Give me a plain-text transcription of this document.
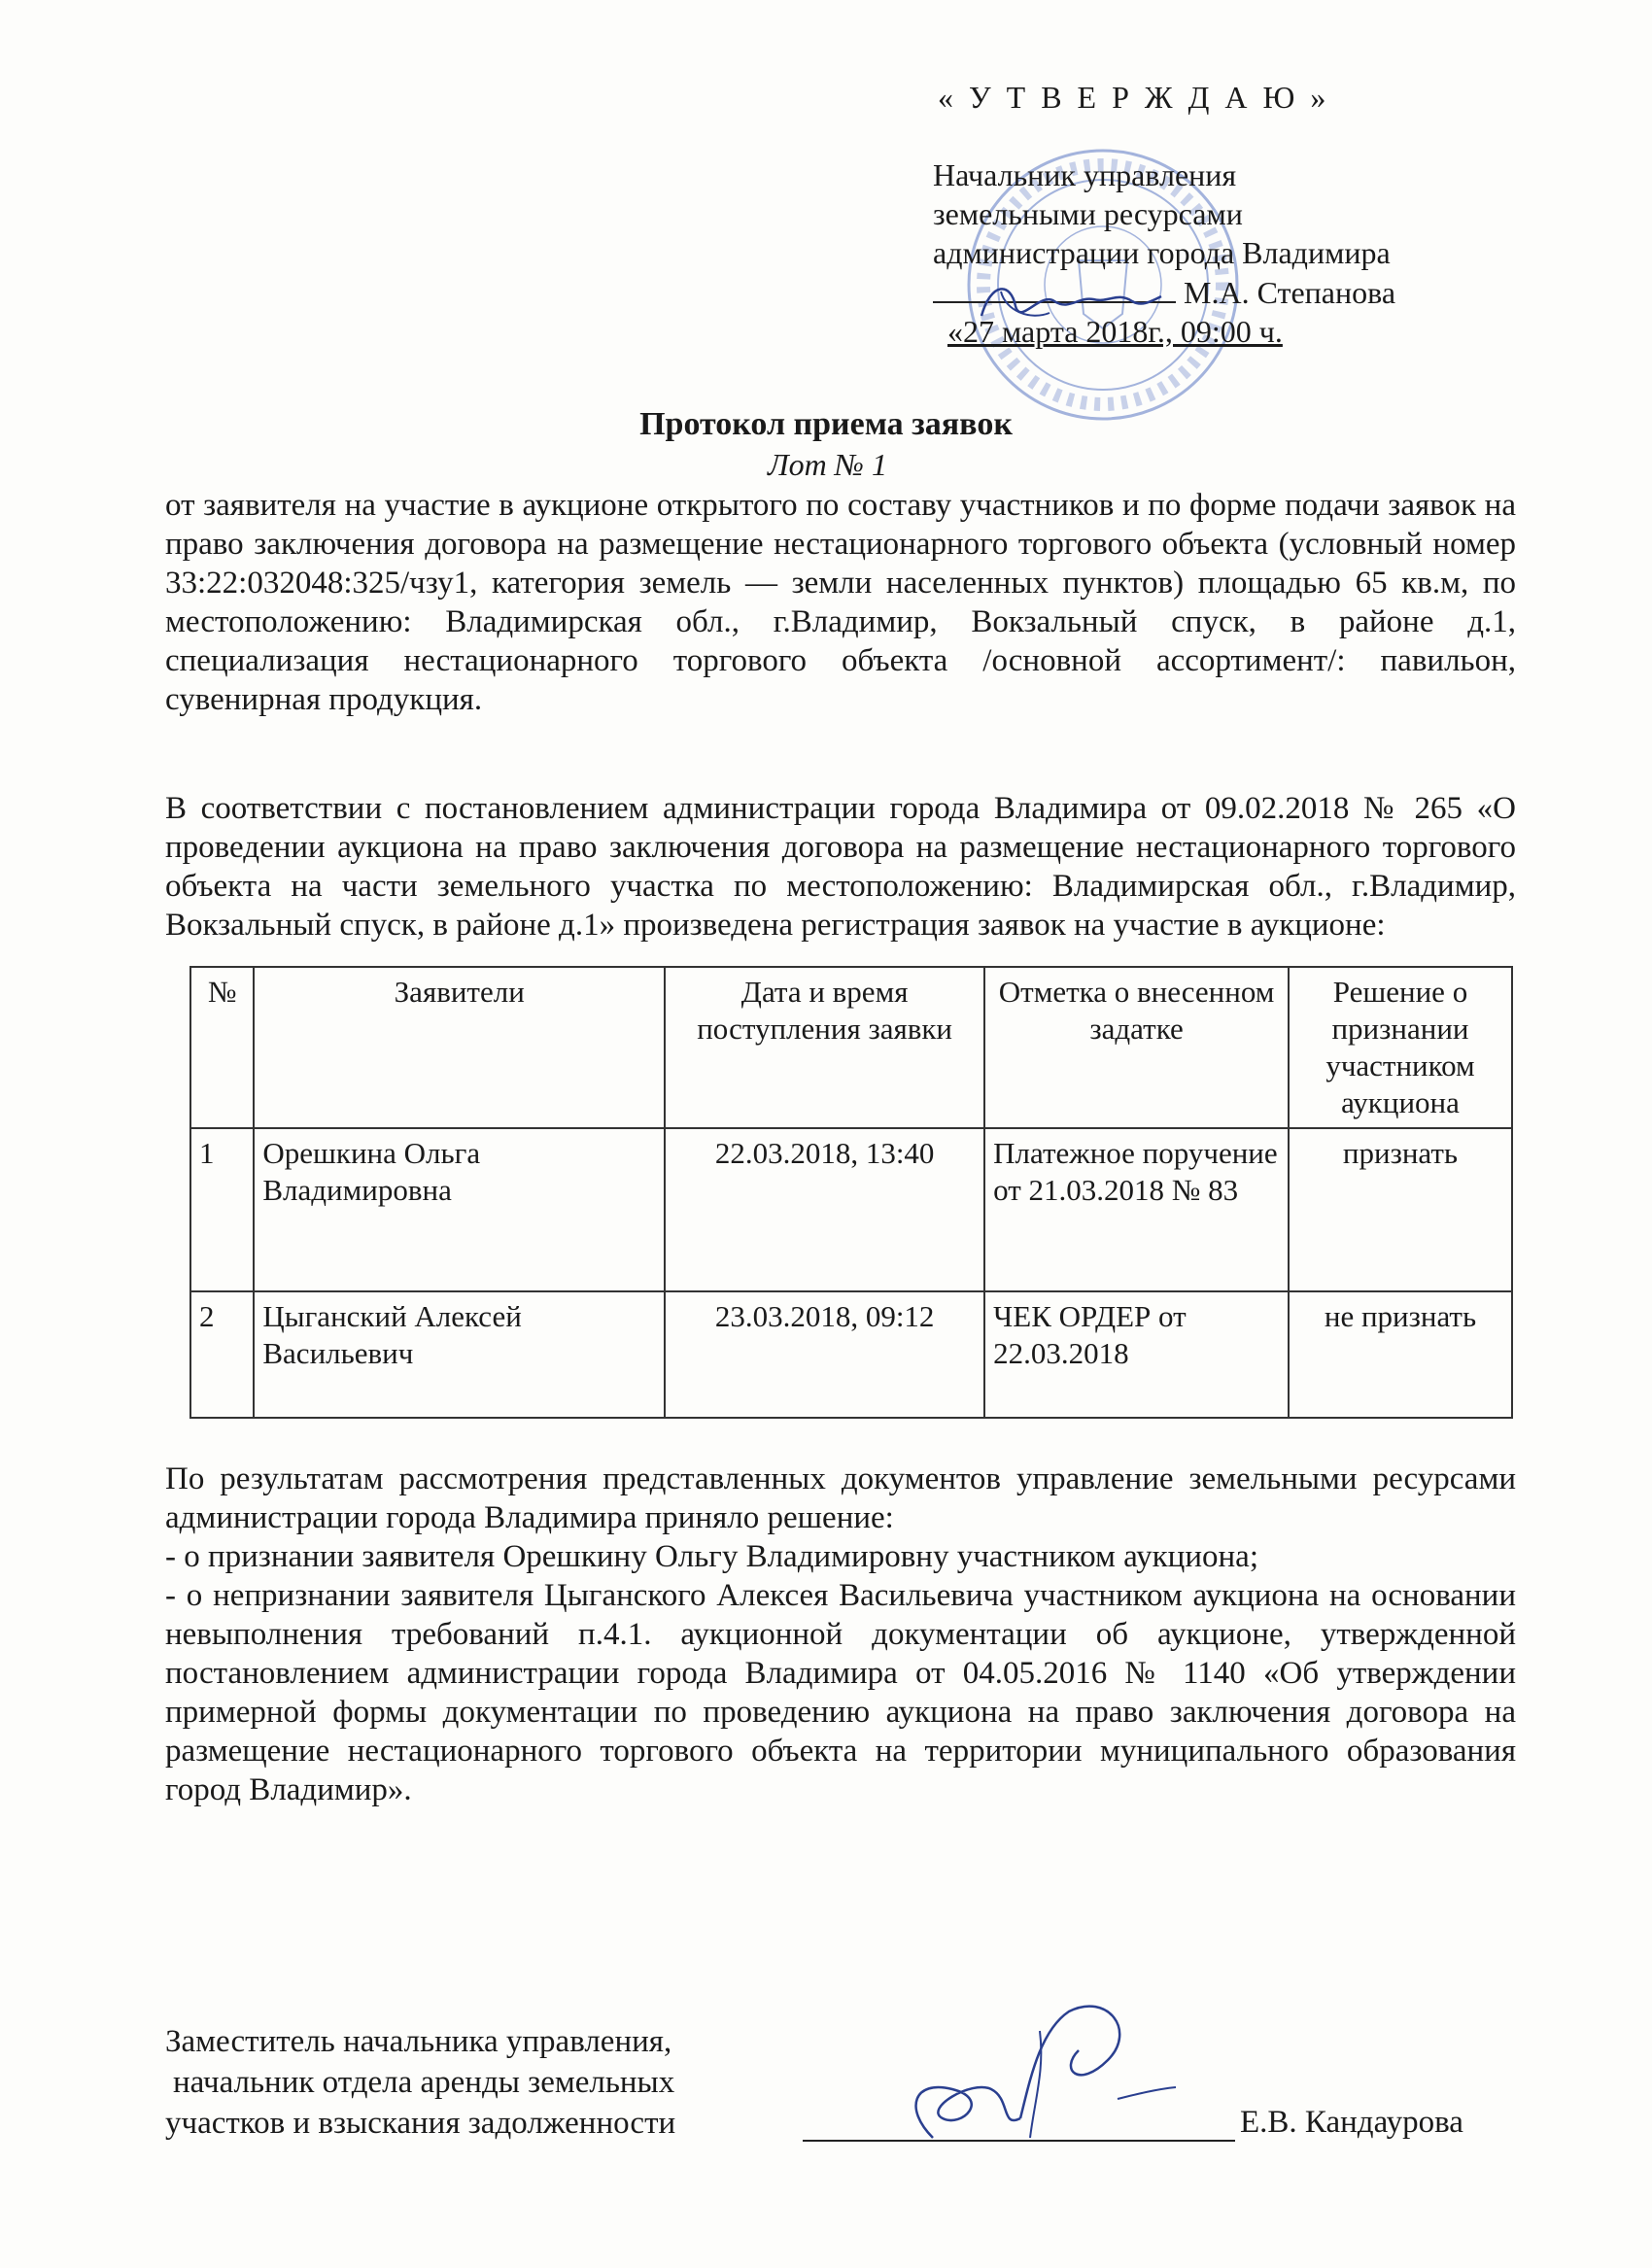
« У Т В Е Р Ж Д А Ю »
Начальник управления
земельными ресурсами
администрации города Владимира
М.А. Степанова
«27 марта 2018г., 09:00 ч.
Протокол приема заявок
Лот № 1

от заявителя на участие в аукционе открытого по составу участников и по форме подачи заявок на право заключения договора на размещение нестационарного торгового объекта (условный номер 33:22:032048:325/чзу1, категория земель — земли населенных пунктов) площадью 65 кв.м, по местоположению: Владимирская обл., г.Владимир, Вокзальный спуск, в районе д.1, специализация нестационарного торгового объекта /основной ассортимент/: павильон, сувенирная продукция.

В соответствии с постановлением администрации города Владимира от 09.02.2018 № 265 «О проведении аукциона на право заключения договора на размещение нестационарного торгового объекта на части земельного участка по местоположению: Владимирская обл., г.Владимир, Вокзальный спуск, в районе д.1» произведена регистрация заявок на участие в аукционе:

№	Заявители	Дата и время поступления заявки	Отметка о внесенном задатке	Решение о признании участником аукциона
1	Орешкина Ольга Владимировна	22.03.2018, 13:40	Платежное поручение от 21.03.2018 № 83	признать
2	Цыганский Алексей Васильевич	23.03.2018, 09:12	ЧЕК ОРДЕР от 22.03.2018	не признать

По результатам рассмотрения представленных документов управление земельными ресурсами администрации города Владимира приняло решение:

- о признании заявителя Орешкину Ольгу Владимировну участником аукциона;

- о непризнании заявителя Цыганского Алексея Васильевича участником аукциона на основании невыполнения требований п.4.1. аукционной документации об аукционе, утвержденной постановлением администрации города Владимира от 04.05.2016 № 1140 «Об утверждении примерной формы документации по проведению аукциона на право заключения договора на размещение нестационарного торгового объекта на территории муниципального образования город Владимир».

Заместитель начальника управления,
начальник отдела аренды земельных
участков и взыскания задолженности	Е.В. Кандаурова
